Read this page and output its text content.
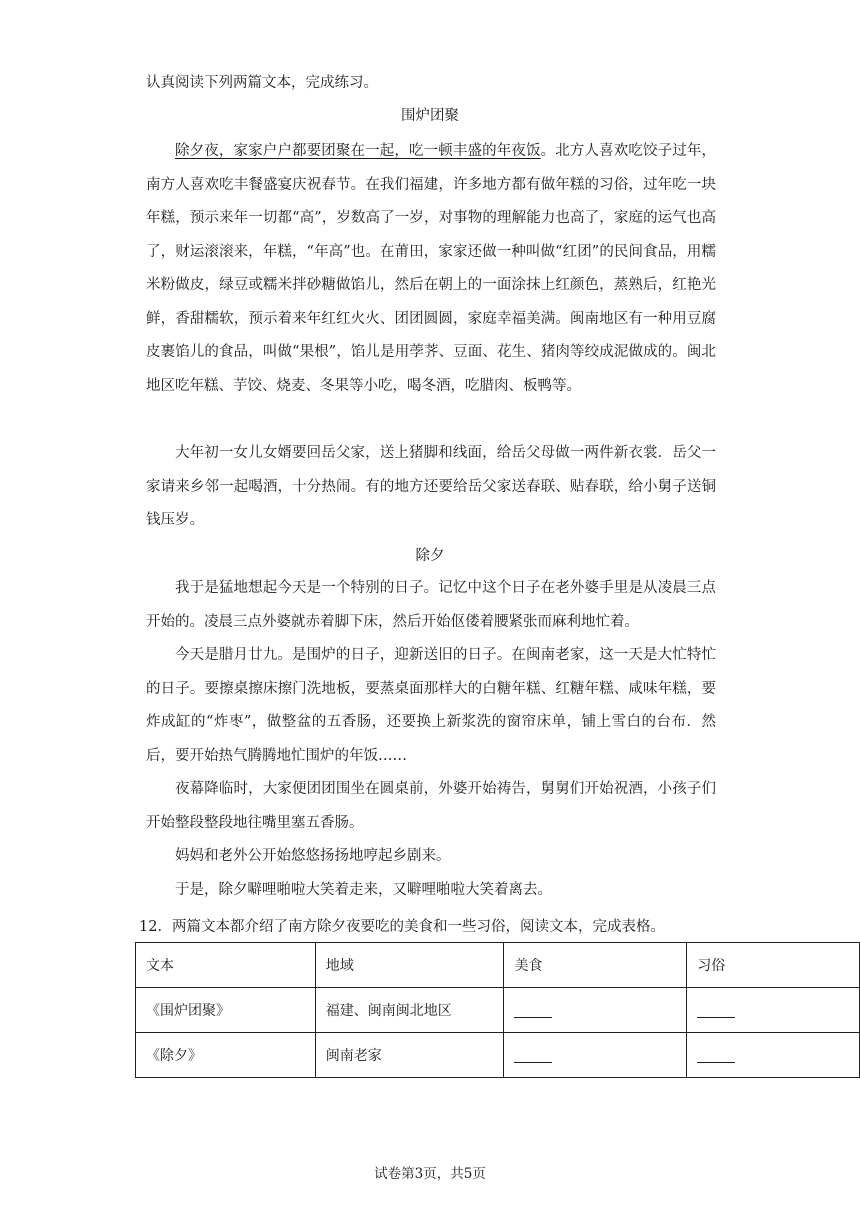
认真阅读下列两篇文本，完成练习。
围炉团聚

除夕夜，家家户户都要团聚在一起，吃一顿丰盛的年夜饭。北方人喜欢吃饺子过年，南方人喜欢吃丰餐盛宴庆祝春节。在我们福建，许多地方都有做年糕的习俗，过年吃一块年糕，预示来年一切都“高”，岁数高了一岁，对事物的理解能力也高了，家庭的运气也高了，财运滚滚来，年糕，“年高”也。在莆田，家家还做一种叫做“红团”的民间食品，用糯米粉做皮，绿豆或糯米拌砂糖做馅儿，然后在朝上的一面涂抹上红颜色，蒸熟后，红艳光鲜，香甜糯软，预示着来年红红火火、团团圆圆，家庭幸福美满。闽南地区有一种用豆腐皮裹馅儿的食品，叫做“果根”，馅儿是用荸荠、豆面、花生、猪肉等绞成泥做成的。闽北地区吃年糕、芋饺、烧麦、冬果等小吃，喝冬酒，吃腊肉、板鸭等。

大年初一女儿女婿要回岳父家，送上猪脚和线面，给岳父母做一两件新衣裳．岳父一家请来乡邻一起喝酒，十分热闹。有的地方还要给岳父家送春联、贴春联，给小舅子送铜钱压岁。

除夕

我于是猛地想起今天是一个特别的日子。记忆中这个日子在老外婆手里是从凌晨三点开始的。凌晨三点外婆就赤着脚下床，然后开始伛偻着腰紧张而麻利地忙着。

今天是腊月廿九。是围炉的日子，迎新送旧的日子。在闽南老家，这一天是大忙特忙的日子。要擦桌擦床擦门洗地板，要蒸桌面那样大的白糖年糕、红糖年糕、咸味年糕，要炸成缸的“炸枣”，做整盆的五香肠，还要换上新浆洗的窗帘床单，铺上雪白的台布．然后，要开始热气腾腾地忙围炉的年饭……

夜幕降临时，大家便团团围坐在圆桌前，外婆开始祷告，舅舅们开始祝酒，小孩子们开始整段整段地往嘴里塞五香肠。

妈妈和老外公开始悠悠扬扬地哼起乡剧来。

于是，除夕噼哩啪啦大笑着走来，又噼哩啪啦大笑着离去。

12．两篇文本都介绍了南方除夕夜要吃的美食和一些习俗，阅读文本，完成表格。
文本	地域	美食	习俗
《围炉团聚》	福建、闽南闽北地区		
《除夕》	闽南老家		
试卷第3页，共5页
